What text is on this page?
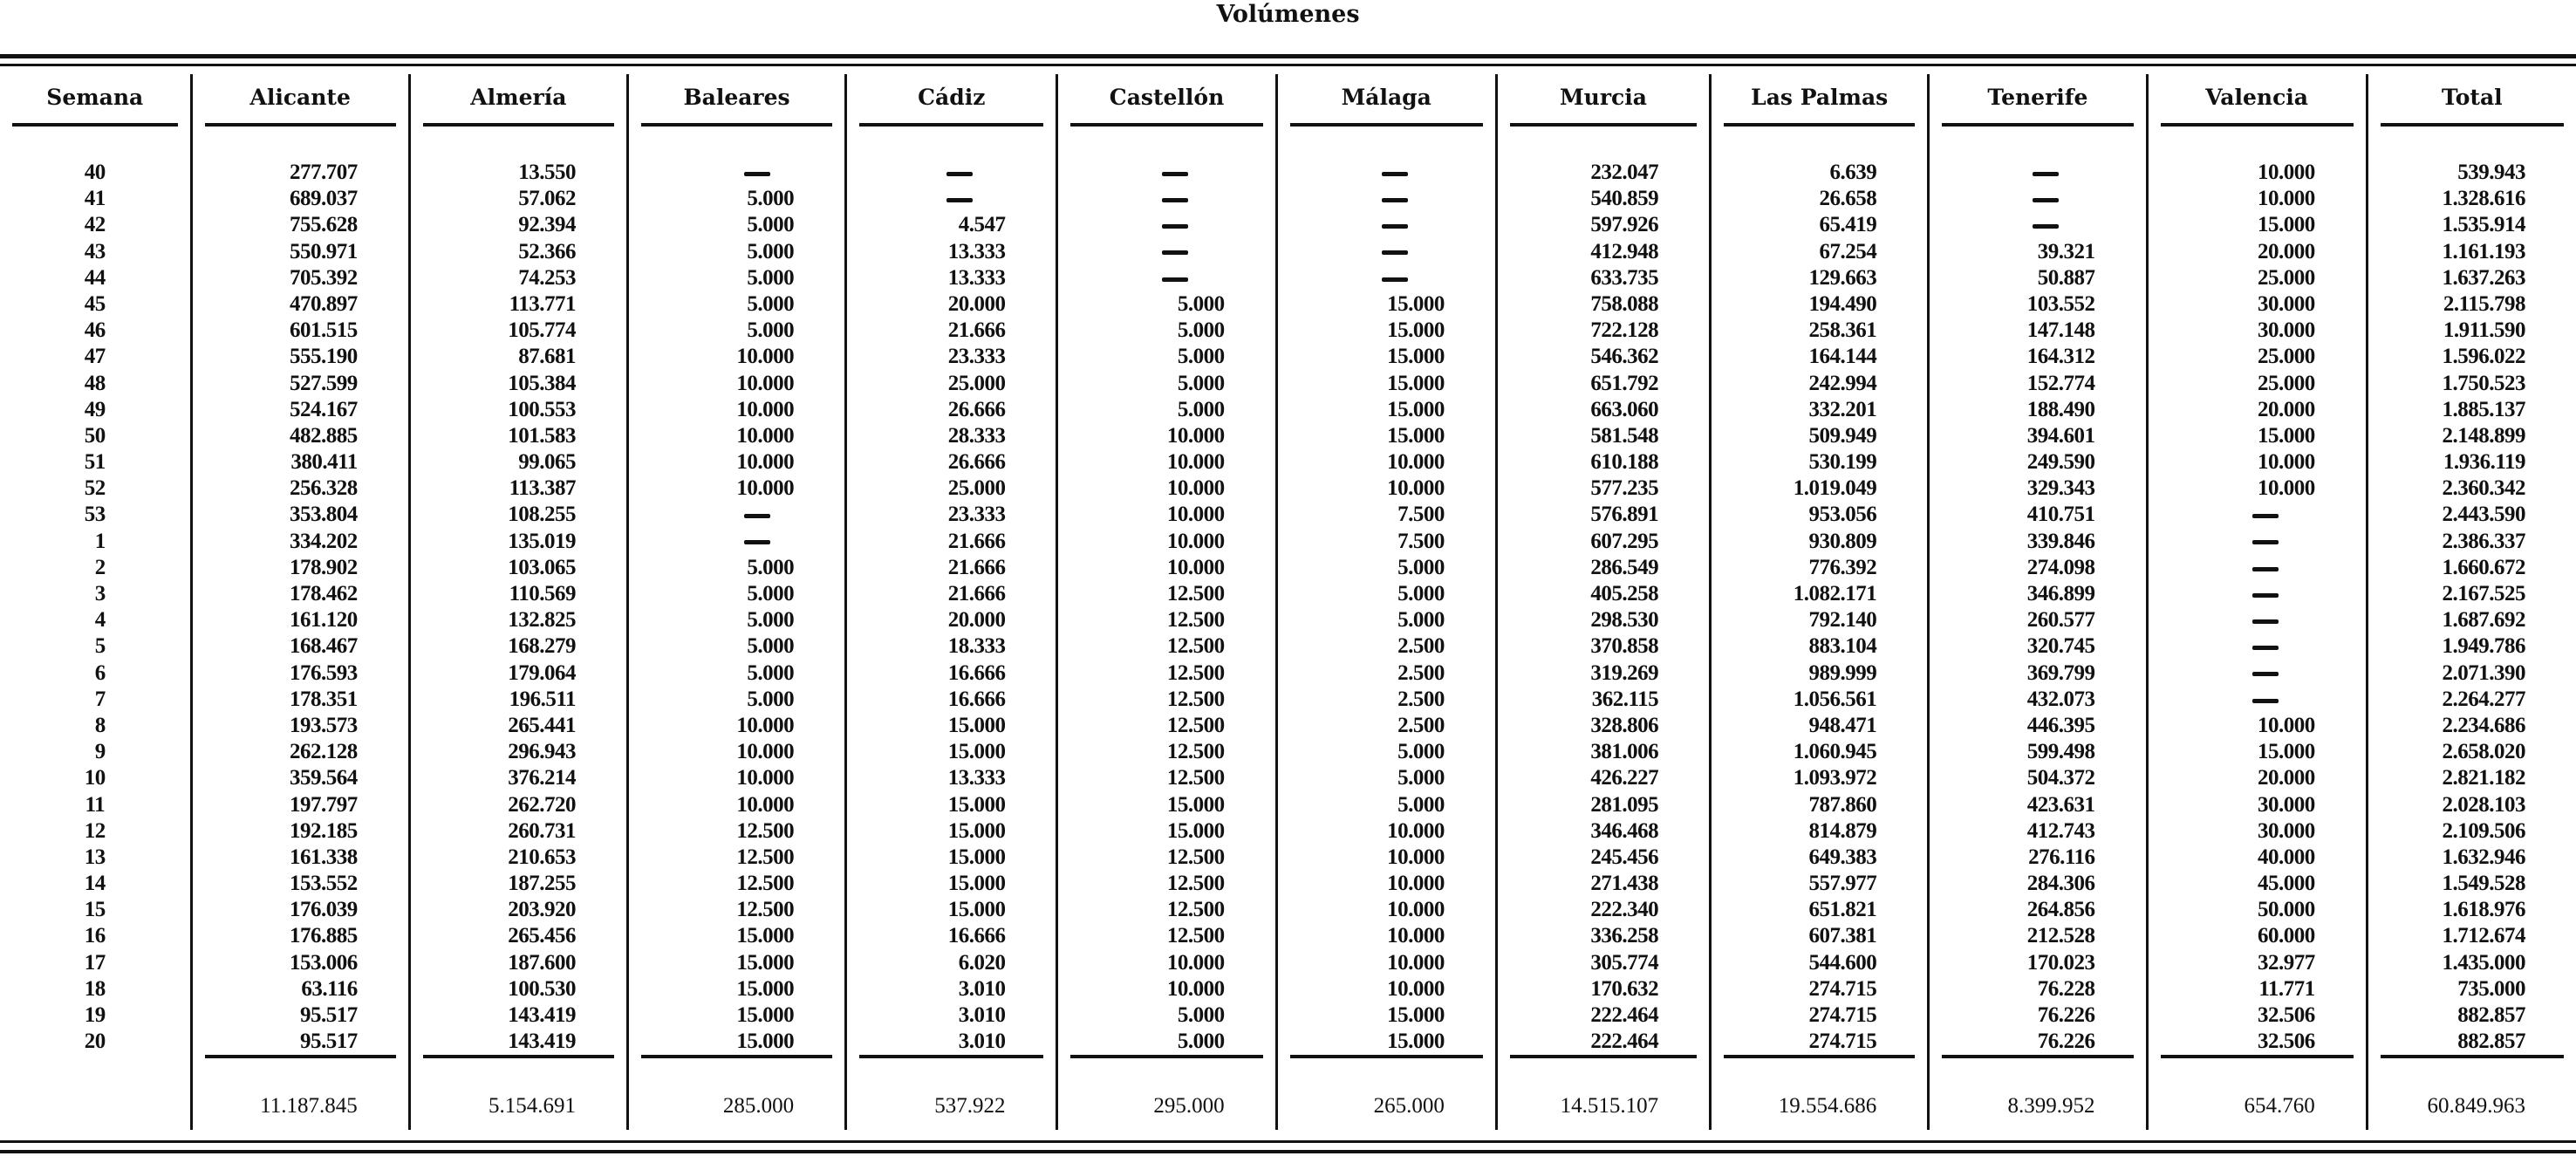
Volúmenes
Semana
40
41
42
43
44
45
46
47
48
49
50
51
52
53
1
2
3
4
5
6
7
8
9
10
11
12
13
14
15
16
17
18
19
20
Alicante
277.707
689.037
755.628
550.971
705.392
470.897
601.515
555.190
527.599
524.167
482.885
380.411
256.328
353.804
334.202
178.902
178.462
161.120
168.467
176.593
178.351
193.573
262.128
359.564
197.797
192.185
161.338
153.552
176.039
176.885
153.006
63.116
95.517
95.517
11.187.845
Almería
13.550
57.062
92.394
52.366
74.253
113.771
105.774
87.681
105.384
100.553
101.583
99.065
113.387
108.255
135.019
103.065
110.569
132.825
168.279
179.064
196.511
265.441
296.943
376.214
262.720
260.731
210.653
187.255
203.920
265.456
187.600
100.530
143.419
143.419
5.154.691
Baleares
5.000
5.000
5.000
5.000
5.000
5.000
10.000
10.000
10.000
10.000
10.000
10.000
5.000
5.000
5.000
5.000
5.000
5.000
10.000
10.000
10.000
10.000
12.500
12.500
12.500
12.500
15.000
15.000
15.000
15.000
15.000
285.000
Cádiz
4.547
13.333
13.333
20.000
21.666
23.333
25.000
26.666
28.333
26.666
25.000
23.333
21.666
21.666
21.666
20.000
18.333
16.666
16.666
15.000
15.000
13.333
15.000
15.000
15.000
15.000
15.000
16.666
6.020
3.010
3.010
3.010
537.922
Castellón
5.000
5.000
5.000
5.000
5.000
10.000
10.000
10.000
10.000
10.000
10.000
12.500
12.500
12.500
12.500
12.500
12.500
12.500
12.500
15.000
15.000
12.500
12.500
12.500
12.500
10.000
10.000
5.000
5.000
295.000
Málaga
15.000
15.000
15.000
15.000
15.000
15.000
10.000
10.000
7.500
7.500
5.000
5.000
5.000
2.500
2.500
2.500
2.500
5.000
5.000
5.000
10.000
10.000
10.000
10.000
10.000
10.000
10.000
15.000
15.000
265.000
Murcia
232.047
540.859
597.926
412.948
633.735
758.088
722.128
546.362
651.792
663.060
581.548
610.188
577.235
576.891
607.295
286.549
405.258
298.530
370.858
319.269
362.115
328.806
381.006
426.227
281.095
346.468
245.456
271.438
222.340
336.258
305.774
170.632
222.464
222.464
14.515.107
Las Palmas
6.639
26.658
65.419
67.254
129.663
194.490
258.361
164.144
242.994
332.201
509.949
530.199
1.019.049
953.056
930.809
776.392
1.082.171
792.140
883.104
989.999
1.056.561
948.471
1.060.945
1.093.972
787.860
814.879
649.383
557.977
651.821
607.381
544.600
274.715
274.715
274.715
19.554.686
Tenerife
39.321
50.887
103.552
147.148
164.312
152.774
188.490
394.601
249.590
329.343
410.751
339.846
274.098
346.899
260.577
320.745
369.799
432.073
446.395
599.498
504.372
423.631
412.743
276.116
284.306
264.856
212.528
170.023
76.228
76.226
76.226
8.399.952
Valencia
10.000
10.000
15.000
20.000
25.000
30.000
30.000
25.000
25.000
20.000
15.000
10.000
10.000
10.000
15.000
20.000
30.000
30.000
40.000
45.000
50.000
60.000
32.977
11.771
32.506
32.506
654.760
Total
539.943
1.328.616
1.535.914
1.161.193
1.637.263
2.115.798
1.911.590
1.596.022
1.750.523
1.885.137
2.148.899
1.936.119
2.360.342
2.443.590
2.386.337
1.660.672
2.167.525
1.687.692
1.949.786
2.071.390
2.264.277
2.234.686
2.658.020
2.821.182
2.028.103
2.109.506
1.632.946
1.549.528
1.618.976
1.712.674
1.435.000
735.000
882.857
882.857
60.849.963
